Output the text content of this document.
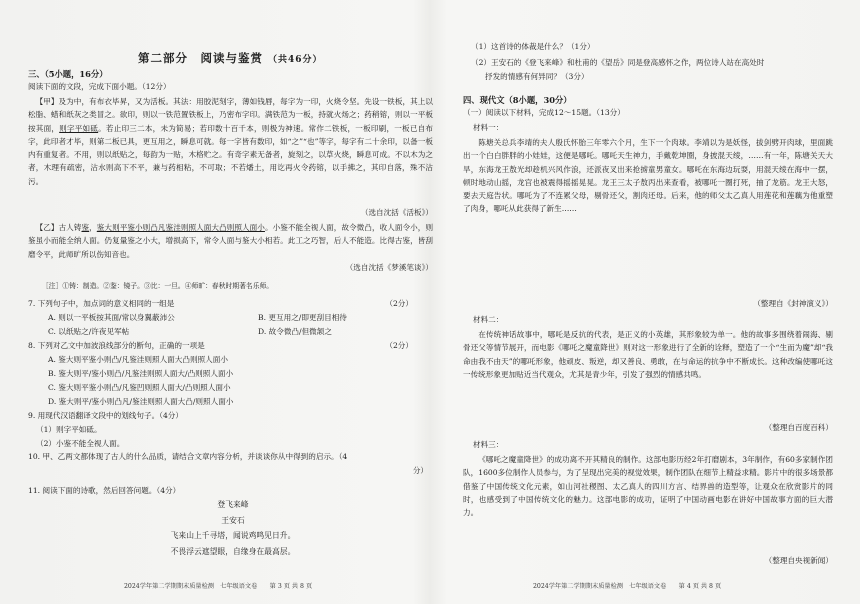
第二部分　阅读与鉴赏 （共46分）
三、（5小题，16分）
阅读下面的文段，完成下面小题。（12分）
【甲】及为中，有布衣毕昇，又为活板。其法：用胶泥刻字，薄如钱唇，每字为一印，火烧令坚。先设一铁板，其上以松脂、蜡和纸灰之类冒之。欲印，则以一铁范置铁板上，乃密布字印。满铁范为一板，持就火炀之；药稍镕，则以一平板按其面，则字平如砥。若止印三二本，未为简易；若印数十百千本，则极为神速。常作二铁板，一板印刷，一板已自布字，此印者才毕，则第二板已具，更互用之，瞬息可就。每一字皆有数印，如“之”“也”等字，每字有二十余印，以备一板内有重复者。不用，则以纸贴之，每韵为一贴，木格贮之。有奇字素无备者，旋刻之，以草火烧，瞬息可成。不以木为之者，木理有疏密，沾水则高下不平，兼与药相粘，不可取；不若燔土，用讫再火令药镕，以手拂之，其印自落，殊不沾污。
（选自沈括《活板》）
【乙】古人铸鉴，鉴大则平鉴小则凸凡鉴洼则照人面大凸则照人面小。小鉴不能全视人面，故令微凸，收人面令小，则鉴虽小而能全纳人面。仍复量鉴之小大，增损高下，常令人面与鉴大小相若。此工之巧智，后人不能造。比得古鉴，皆刮磨令平，此师旷所以伤知音也。
（选自沈括《梦溪笔谈》）
［注］①铸：制造。②鉴：镜子。③比：一旦。④师旷：春秋时期著名乐师。
7. 下列句子中，加点词的意义相同的一组是	（2分）
A. 则以一平板按其面/常以身翼蔽沛公	B. 更互用之/即更刮目相待
C. 以纸贴之/许夜见军帖	D. 故令微凸/但微颔之
8. 下列对乙文中加波浪线部分的断句，正确的一项是	（2分）
A. 鉴大则平鉴小则凸/凡鉴洼则照人面大凸则照人面小
B. 鉴大则平/鉴小则凸/凡鉴洼则照人面大/凸则照人面小
C. 鉴大则平鉴小则凸/凡鉴凹则照人面大/凸则照人面小
D. 鉴大则平/鉴小则凸凡/鉴洼则照人面大凸/则照人面小
9. 用现代汉语翻译文段中的划线句子。（4分）
（1）则字平如砥。
（2）小鉴不能全视人面。
10. 甲、乙两文都体现了古人的什么品质，请结合文章内容分析，并谈谈你从中得到的启示。（4
分）

11. 阅读下面的诗歌，然后回答问题。（4分）
登飞来峰
王安石
飞来山上千寻塔，闻说鸡鸣见日升。
不畏浮云遮望眼，自缘身在最高层。
2024学年第二学期期末质量检测　七年级语文卷　　第 3 页 共 8 页
（1）这首诗的体裁是什么？（1分）
（2）王安石的《登飞来峰》和杜甫的《望岳》同是登高感怀之作，两位诗人站在高处时
抒发的情感有何异同？（3分）
四、现代文（8小题，30分）
（一）阅读以下材料，完成12～15题。（13分）
材料一：
陈塘关总兵李靖的夫人殷氏怀胎三年零六个月，生下一个肉球。李靖以为是妖怪，拔剑劈开肉球，里面跳出一个白白胖胖的小娃娃，这便是哪吒。哪吒天生神力，手戴乾坤圈，身披混天绫，……有一年，陈塘关天大旱，东海龙王敖光却趁机兴风作浪，还派夜叉出来抢掳童男童女。哪吒在东海边玩耍，用混天绫在海中一摆，顿时地动山摇，龙宫也被震得摇摇晃晃。龙王三太子敖丙出来查看，被哪吒一圈打死，抽了龙筋。龙王大怒，要去天庭告状。哪吒为了不连累父母，剔骨还父，割肉还母。后来，他的师父太乙真人用莲花和莲藕为他重塑了肉身，哪吒从此获得了新生……
（整理自《封神演义》）
材料二：
在传统神话故事中，哪吒是反抗的代表，是正义的小英雄，其形象较为单一。他的故事多围绕着闹海、剔骨还父等情节展开，而电影《哪吒之魔童降世》则对这一形象进行了全新的诠释，塑造了一个“生而为魔”却“我命由我不由天”的哪吒形象，他顽皮、叛逆，却又善良、勇敢，在与命运的抗争中不断成长。这种改编使哪吒这一传统形象更加贴近当代观众，尤其是青少年，引发了强烈的情感共鸣。
（整理自百度百科）
材料三：
《哪吒之魔童降世》的成功离不开其精良的制作。这部电影历经2年打磨剧本，3年制作，有60多家制作团队，1600多位制作人员参与，为了呈现出完美的视觉效果，制作团队在细节上精益求精。影片中的很多场景都借鉴了中国传统文化元素，如山河社稷图、太乙真人的四川方言、结界兽的造型等，让观众在欣赏影片的同时，也感受到了中国传统文化的魅力。这部电影的成功，证明了中国动画电影在讲好中国故事方面的巨大潜力。
（整理自央视新闻）
2024学年第二学期期末质量检测　七年级语文卷　　第 4 页 共 8 页
